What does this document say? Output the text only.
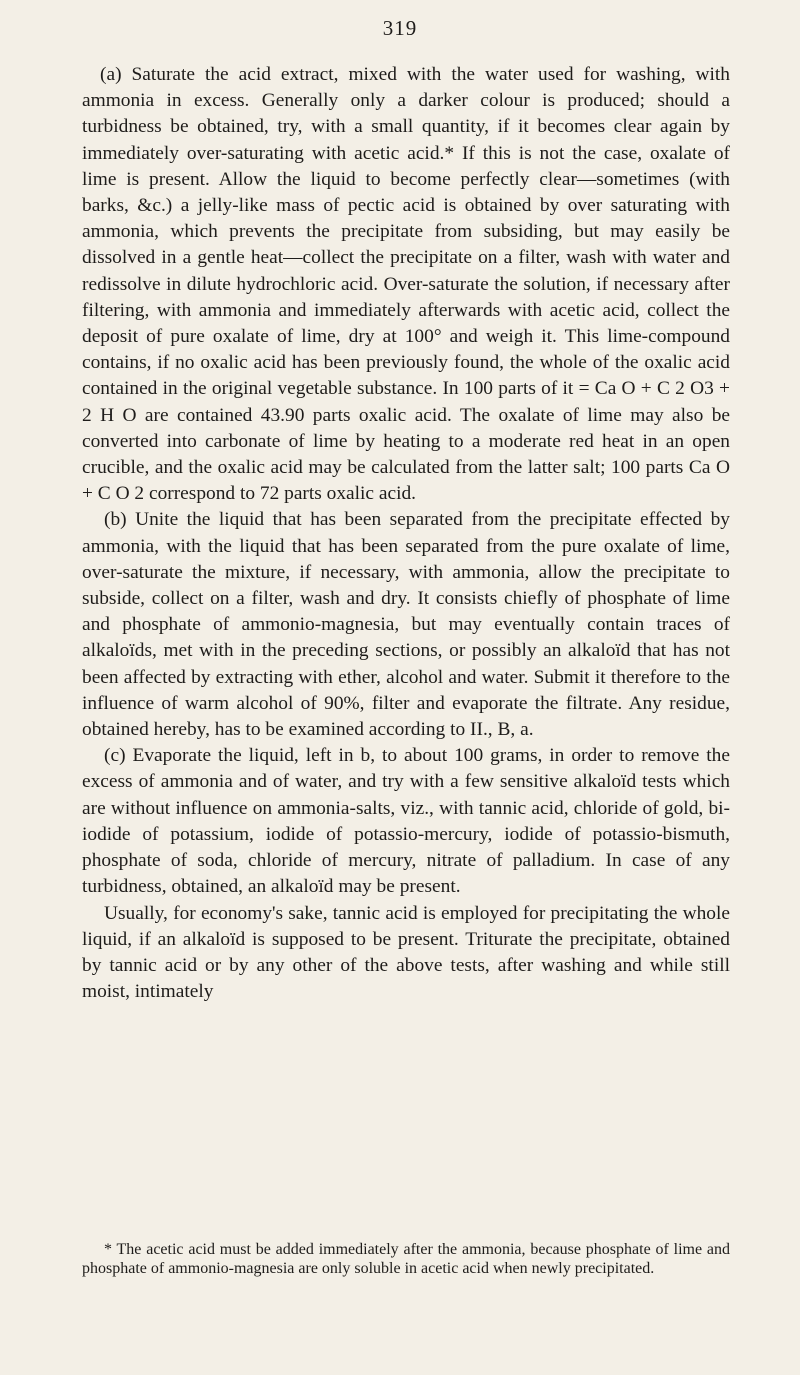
319

(a) Saturate the acid extract, mixed with the water used for washing, with ammonia in excess. Generally only a darker colour is produced; should a turbidness be obtained, try, with a small quantity, if it becomes clear again by immediately over-saturating with acetic acid.* If this is not the case, oxalate of lime is present. Allow the liquid to become perfectly clear—sometimes (with barks, &c.) a jelly-like mass of pectic acid is obtained by over saturating with ammonia, which prevents the precipitate from subsiding, but may easily be dissolved in a gentle heat—collect the precipitate on a filter, wash with water and redissolve in dilute hydrochloric acid. Over-saturate the solution, if necessary after filtering, with ammonia and immediately afterwards with acetic acid, collect the deposit of pure oxalate of lime, dry at 100° and weigh it. This lime-compound contains, if no oxalic acid has been previously found, the whole of the oxalic acid contained in the original vegetable substance. In 100 parts of it = Ca O + C 2 O3 + 2 H O are contained 43.90 parts oxalic acid. The oxalate of lime may also be converted into carbonate of lime by heating to a moderate red heat in an open crucible, and the oxalic acid may be calculated from the latter salt; 100 parts Ca O + C O 2 correspond to 72 parts oxalic acid.

(b) Unite the liquid that has been separated from the precipitate effected by ammonia, with the liquid that has been separated from the pure oxalate of lime, over-saturate the mixture, if necessary, with ammonia, allow the precipitate to subside, collect on a filter, wash and dry. It consists chiefly of phosphate of lime and phosphate of ammonio-magnesia, but may eventually contain traces of alkaloïds, met with in the preceding sections, or possibly an alkaloïd that has not been affected by extracting with ether, alcohol and water. Submit it therefore to the influence of warm alcohol of 90%, filter and evaporate the filtrate. Any residue, obtained hereby, has to be examined according to II., B, a.

(c) Evaporate the liquid, left in b, to about 100 grams, in order to remove the excess of ammonia and of water, and try with a few sensitive alkaloïd tests which are without influence on ammonia-salts, viz., with tannic acid, chloride of gold, bi-iodide of potassium, iodide of potassio-mercury, iodide of potassio-bismuth, phosphate of soda, chloride of mercury, nitrate of palladium. In case of any turbidness, obtained, an alkaloïd may be present.

Usually, for economy's sake, tannic acid is employed for precipitating the whole liquid, if an alkaloïd is supposed to be present. Triturate the precipitate, obtained by tannic acid or by any other of the above tests, after washing and while still moist, intimately

* The acetic acid must be added immediately after the ammonia, because phosphate of lime and phosphate of ammonio-magnesia are only soluble in acetic acid when newly precipitated.
